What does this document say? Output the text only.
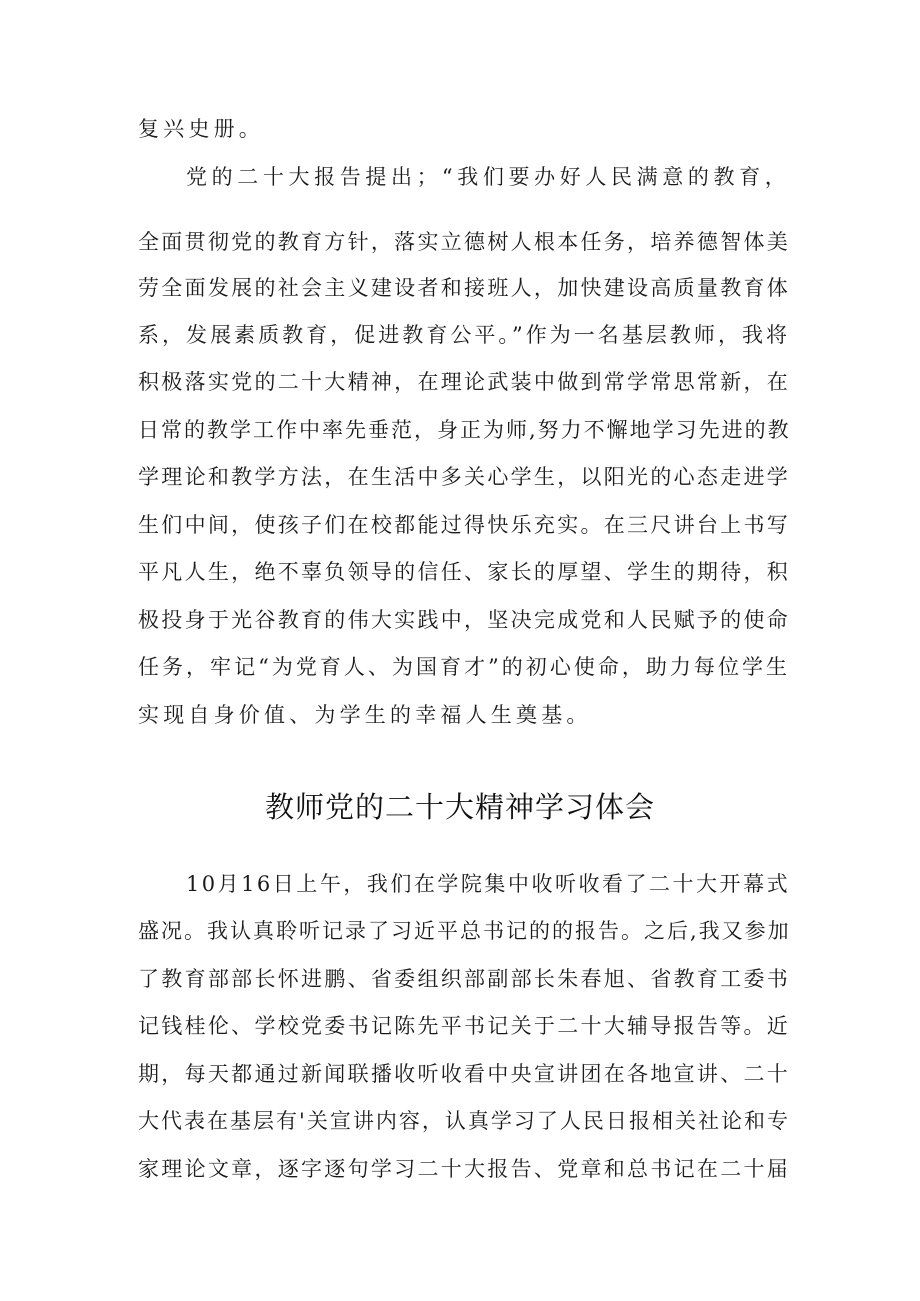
复兴史册。
党的二十大报告提出；“我们要办好人民满意的教育，
全面贯彻党的教育方针，落实立德树人根本任务，培养德智体美
劳全面发展的社会主义建设者和接班人，加快建设高质量教育体
系，发展素质教育，促进教育公平。”作为一名基层教师，我将
积极落实党的二十大精神，在理论武装中做到常学常思常新，在
日常的教学工作中率先垂范，身正为师,努力不懈地学习先进的教
学理论和教学方法，在生活中多关心学生，以阳光的心态走进学
生们中间，使孩子们在校都能过得快乐充实。在三尺讲台上书写
平凡人生，绝不辜负领导的信任、家长的厚望、学生的期待，积
极投身于光谷教育的伟大实践中，坚决完成党和人民赋予的使命
任务，牢记“为党育人、为国育才”的初心使命，助力每位学生
实现自身价值、为学生的幸福人生奠基。
教师党的二十大精神学习体会
10月16日上午，我们在学院集中收听收看了二十大开幕式
盛况。我认真聆听记录了习近平总书记的的报告。之后,我又参加
了教育部部长怀进鹏、省委组织部副部长朱春旭、省教育工委书
记钱桂伦、学校党委书记陈先平书记关于二十大辅导报告等。近
期，每天都通过新闻联播收听收看中央宣讲团在各地宣讲、二十
大代表在基层有'关宣讲内容，认真学习了人民日报相关社论和专
家理论文章，逐字逐句学习二十大报告、党章和总书记在二十届
